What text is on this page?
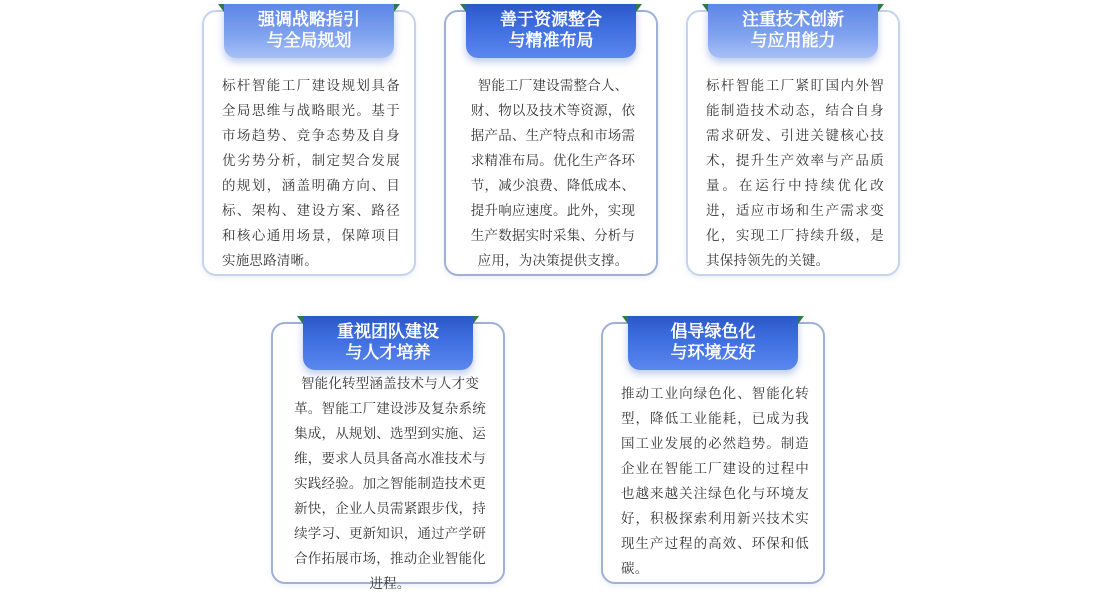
强调战略指引
与全局规划
标杆智能工厂建设规划具备全局思维与战略眼光。基于市场趋势、竞争态势及自身优劣势分析，制定契合发展的规划，涵盖明确方向、目标、架构、建设方案、路径和核心通用场景，保障项目实施思路清晰。
善于资源整合
与精准布局
智能工厂建设需整合人、财、物以及技术等资源，依据产品、生产特点和市场需求精准布局。优化生产各环节，减少浪费、降低成本、提升响应速度。此外，实现生产数据实时采集、分析与应用，为决策提供支撑。
注重技术创新
与应用能力
标杆智能工厂紧盯国内外智能制造技术动态，结合自身需求研发、引进关键核心技术，提升生产效率与产品质量。在运行中持续优化改进，适应市场和生产需求变化，实现工厂持续升级，是其保持领先的关键。
重视团队建设
与人才培养
智能化转型涵盖技术与人才变革。智能工厂建设涉及复杂系统集成，从规划、选型到实施、运维，要求人员具备高水准技术与实践经验。加之智能制造技术更新快，企业人员需紧跟步伐，持续学习、更新知识，通过产学研合作拓展市场，推动企业智能化进程。
倡导绿色化
与环境友好
推动工业向绿色化、智能化转型，降低工业能耗，已成为我国工业发展的必然趋势。制造企业在智能工厂建设的过程中也越来越关注绿色化与环境友好，积极探索利用新兴技术实现生产过程的高效、环保和低碳。
